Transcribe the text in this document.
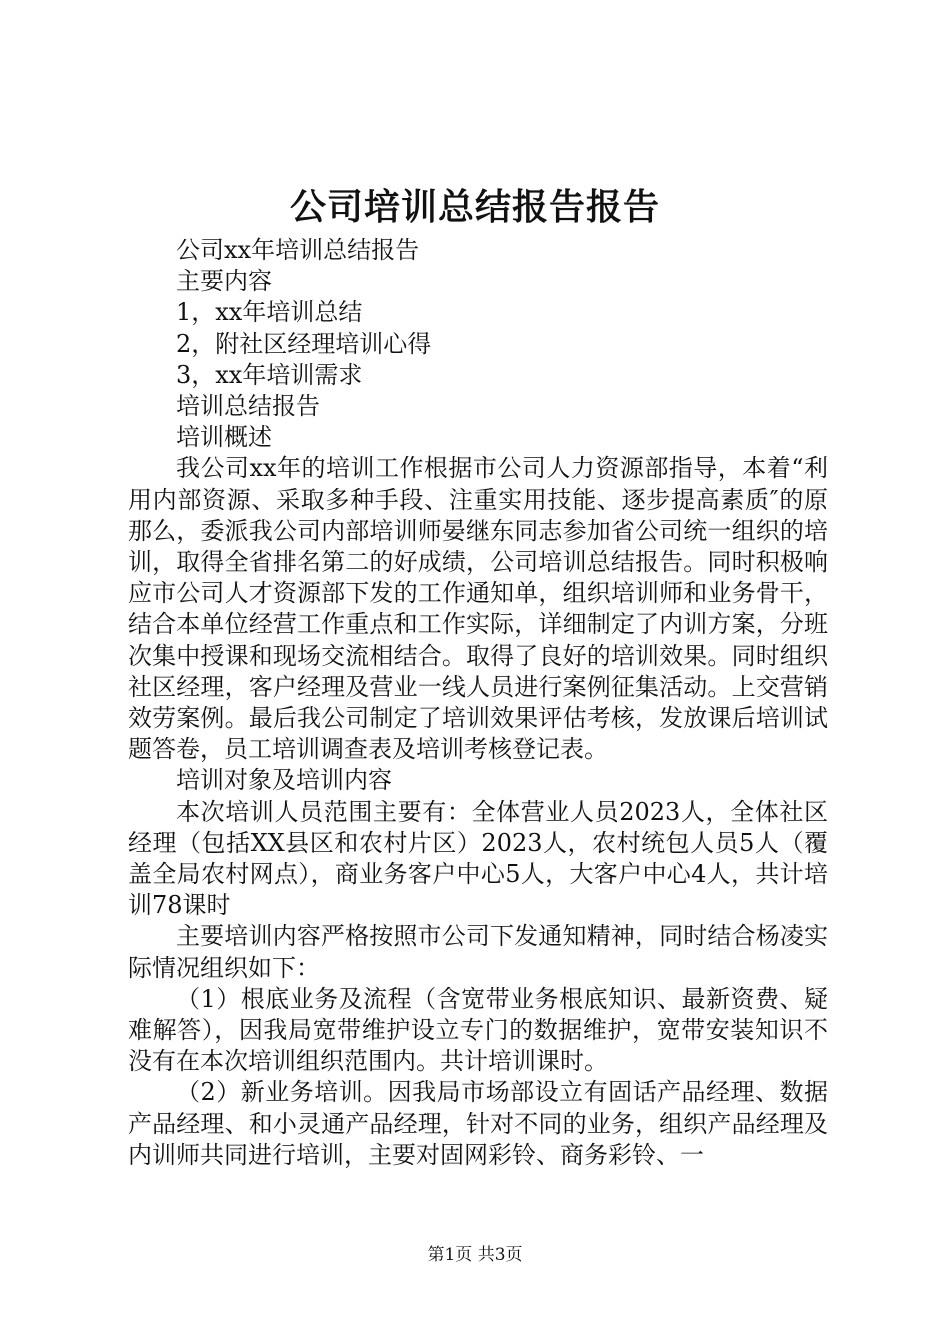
公司培训总结报告报告

公司xx年培训总结报告

主要内容

1，xx年培训总结

2，附社区经理培训心得

3，xx年培训需求

培训总结报告

培训概述

我公司xx年的培训工作根据市公司人力资源部指导，本着“利用内部资源、采取多种手段、注重实用技能、逐步提高素质″的原那么，委派我公司内部培训师晏继东同志参加省公司统一组织的培训，取得全省排名第二的好成绩，公司培训总结报告。同时积极响应市公司人才资源部下发的工作通知单，组织培训师和业务骨干，结合本单位经营工作重点和工作实际，详细制定了内训方案，分班次集中授课和现场交流相结合。取得了良好的培训效果。同时组织社区经理，客户经理及营业一线人员进行案例征集活动。上交营销效劳案例。最后我公司制定了培训效果评估考核，发放课后培训试题答卷，员工培训调查表及培训考核登记表。

培训对象及培训内容

本次培训人员范围主要有：全体营业人员2023人，全体社区经理（包括XX县区和农村片区）2023人，农村统包人员5人（覆盖全局农村网点），商业务客户中心5人，大客户中心4人，共计培训78课时

主要培训内容严格按照市公司下发通知精神，同时结合杨凌实际情况组织如下：

（1）根底业务及流程（含宽带业务根底知识、最新资费、疑难解答），因我局宽带维护设立专门的数据维护，宽带安装知识不没有在本次培训组织范围内。共计培训课时。

（2）新业务培训。因我局市场部设立有固话产品经理、数据产品经理、和小灵通产品经理，针对不同的业务，组织产品经理及内训师共同进行培训，主要对固网彩铃、商务彩铃、一

第1页 共3页
